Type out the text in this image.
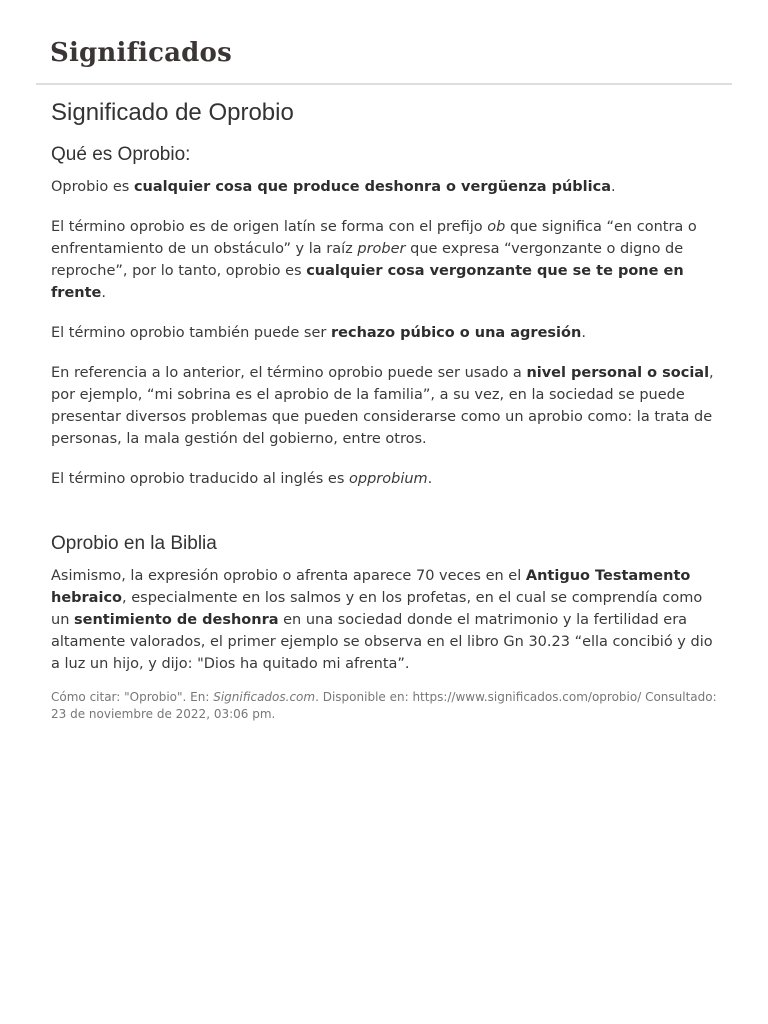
Significados
Significado de Oprobio
Qué es Oprobio:

Oprobio es cualquier cosa que produce deshonra o vergüenza pública.

El término oprobio es de origen latín se forma con el prefijo ob que significa “en contra o enfrentamiento de un obstáculo” y la raíz prober que expresa “vergonzante o digno de reproche”, por lo tanto, oprobio es cualquier cosa vergonzante que se te pone en frente.

El término oprobio también puede ser rechazo púbico o una agresión.

En referencia a lo anterior, el término oprobio puede ser usado a nivel personal o social, por ejemplo, “mi sobrina es el aprobio de la familia”, a su vez, en la sociedad se puede presentar diversos problemas que pueden considerarse como un aprobio como: la trata de personas, la mala gestión del gobierno, entre otros.

El término oprobio traducido al inglés es opprobium.

Oprobio en la Biblia

Asimismo, la expresión oprobio o afrenta aparece 70 veces en el Antiguo Testamento hebraico, especialmente en los salmos y en los profetas, en el cual se comprendía como un sentimiento de deshonra en una sociedad donde el matrimonio y la fertilidad era altamente valorados, el primer ejemplo se observa en el libro Gn 30.23 “ella concibió y dio a luz un hijo, y dijo: "Dios ha quitado mi afrenta”.

Cómo citar: "Oprobio". En: Significados.com. Disponible en: https://www.significados.com/oprobio/ Consultado: 23 de noviembre de 2022, 03:06 pm.
